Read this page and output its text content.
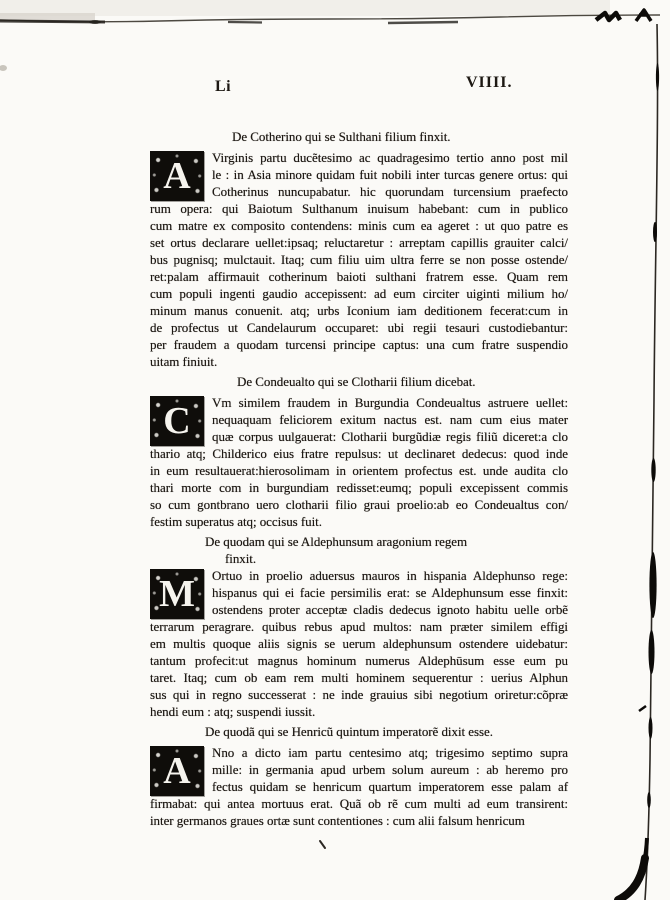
Li	VIIII.
De Cotherino qui se Sulthani filium finxit.
A	Virginis partu ducẽtesimo ac quadragesimo tertio anno post mil
le : in Asia minore quidam fuit nobili inter turcas genere ortus: qui
Cotherinus nuncupabatur. hic quorundam turcensium praefecto
rum opera: qui Baiotum Sulthanum inuisum habebant: cum in publico
cum matre ex composito contendens: minis cum ea ageret : ut quo patre es
set ortus declarare uellet:ipsaq; reluctaretur : arreptam capillis grauiter calci/
bus pugnisq; mulctauit. Itaq; cum filiu uim ultra ferre se non posse ostende/
ret:palam affirmauit cotherinum baioti sulthani fratrem esse. Quam rem
cum populi ingenti gaudio accepissent: ad eum circiter uiginti milium ho/
minum manus conuenit. atq; urbs Iconium iam deditionem fecerat:cum in
de profectus ut Candelaurum occuparet: ubi regii tesauri custodiebantur:
per fraudem a quodam turcensi principe captus: una cum fratre suspendio
uitam finiuit.
De Condeualto qui se Clotharii filium dicebat.
C	Vm similem fraudem in Burgundia Condeualtus astruere uellet:
nequaquam feliciorem exitum nactus est. nam cum eius mater
quæ corpus uulgauerat: Clotharii burgũdiæ regis filiũ diceret:a clo
thario atq; Childerico eius fratre repulsus: ut declinaret dedecus: quod inde
in eum resultauerat:hierosolimam in orientem profectus est. unde audita clo
thari morte com in burgundiam redisset:eumq; populi excepissent commis
so cum gontbrano uero clotharii filio graui proelio:ab eo Condeualtus con/
festim superatus atq; occisus fuit.
De quodam qui se Aldephunsum aragonium regem
finxit.
M	Ortuo in proelio aduersus mauros in hispania Aldephunso rege:
hispanus qui ei facie persimilis erat: se Aldephunsum esse finxit:
ostendens proter acceptæ cladis dedecus ignoto habitu uelle orbẽ
terrarum peragrare. quibus rebus apud multos: nam præter similem effigi
em multis quoque aliis signis se uerum aldephunsum ostendere uidebatur:
tantum profecit:ut magnus hominum numerus Aldephūsum esse eum pu
taret. Itaq; cum ob eam rem multi hominem sequerentur : uerius Alphun
sus qui in regno successerat : ne inde grauius sibi negotium oriretur:cõpræ
hendi eum : atq; suspendi iussit.
De quodã qui se Henricũ quintum imperatorẽ dixit esse.
A	Nno a dicto iam partu centesimo atq; trigesimo septimo supra
mille: in germania apud urbem solum aureum : ab heremo pro
fectus quidam se henricum quartum imperatorem esse palam af
firmabat: qui antea mortuus erat. Quã ob rẽ cum multi ad eum transirent:
inter germanos graues ortæ sunt contentiones : cum alii falsum henricum
